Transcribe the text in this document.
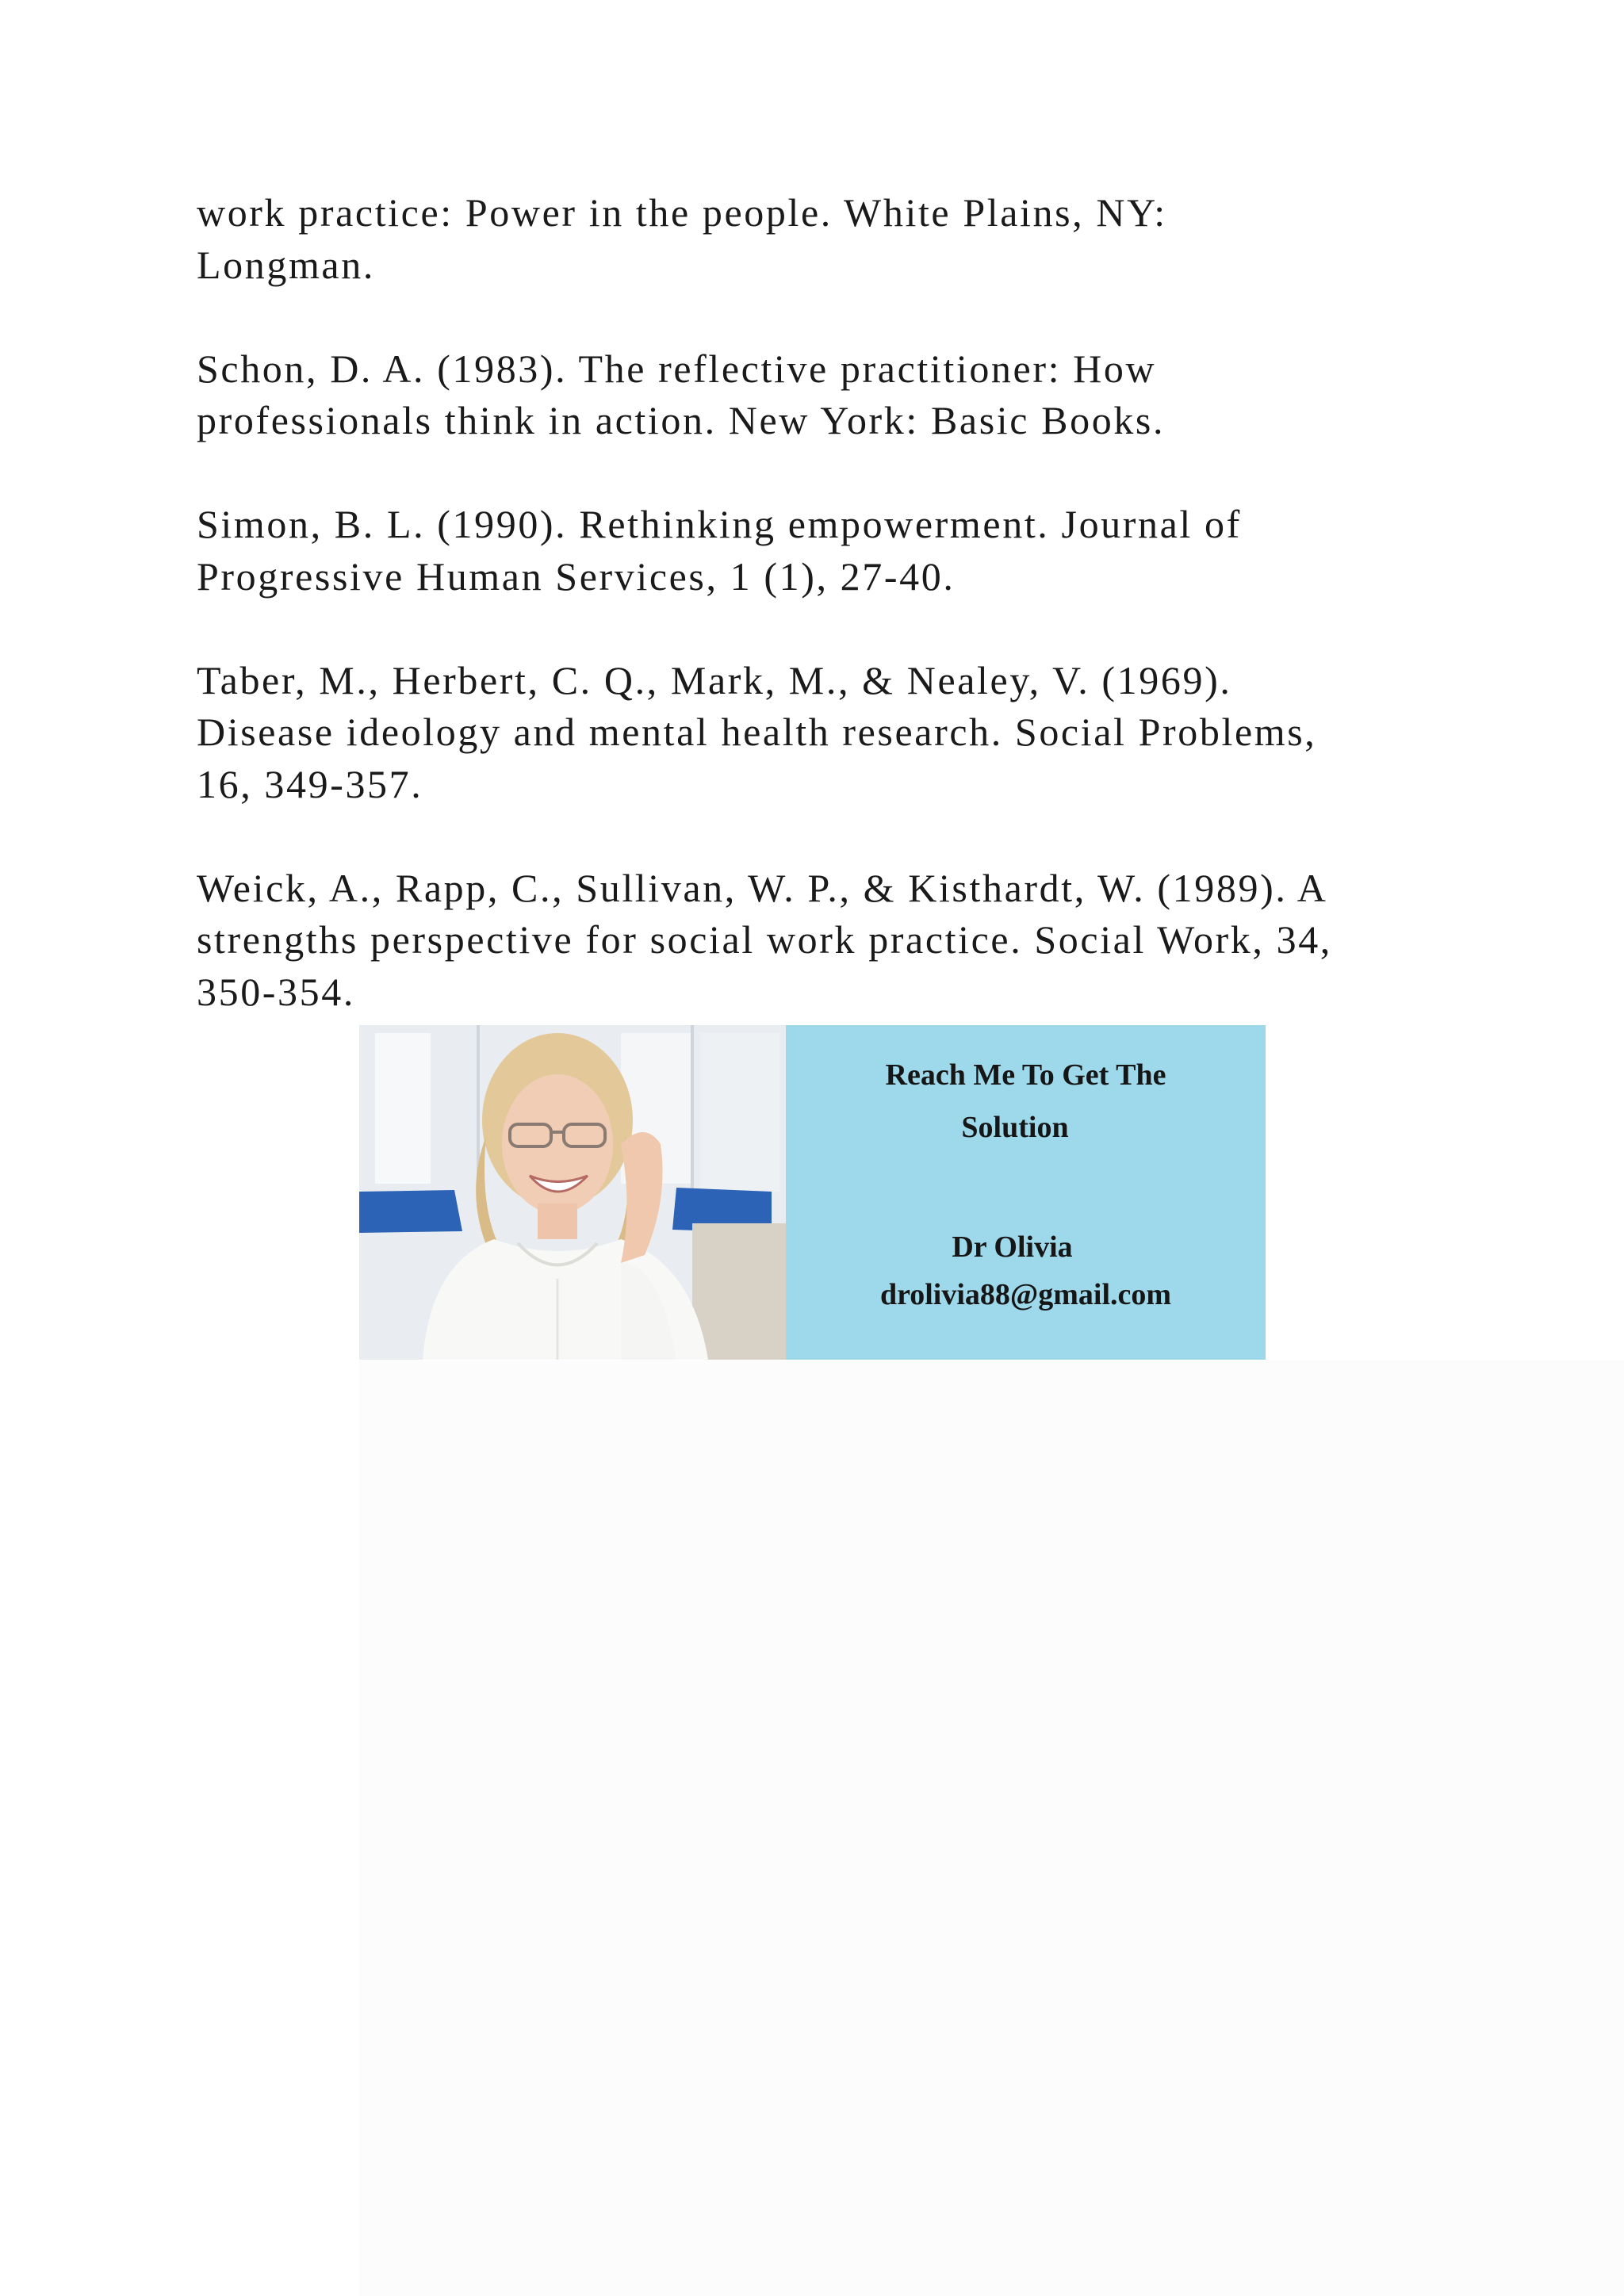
work practice: Power in the people. White Plains, NY:
Longman.

Schon, D. A. (1983). The reflective practitioner: How
professionals think in action. New York: Basic Books.

Simon, B. L. (1990). Rethinking empowerment. Journal of
Progressive Human Services, 1 (1), 27-40.

Taber, M., Herbert, C. Q., Mark, M., & Nealey, V. (1969).
Disease ideology and mental health research. Social Problems,
16, 349-357.

Weick, A., Rapp, C., Sullivan, W. P., & Kisthardt, W. (1989). A
strengths perspective for social work practice. Social Work, 34,
350-354.

Reach Me To Get The
Solution
Dr Olivia
drolivia88@gmail.com
